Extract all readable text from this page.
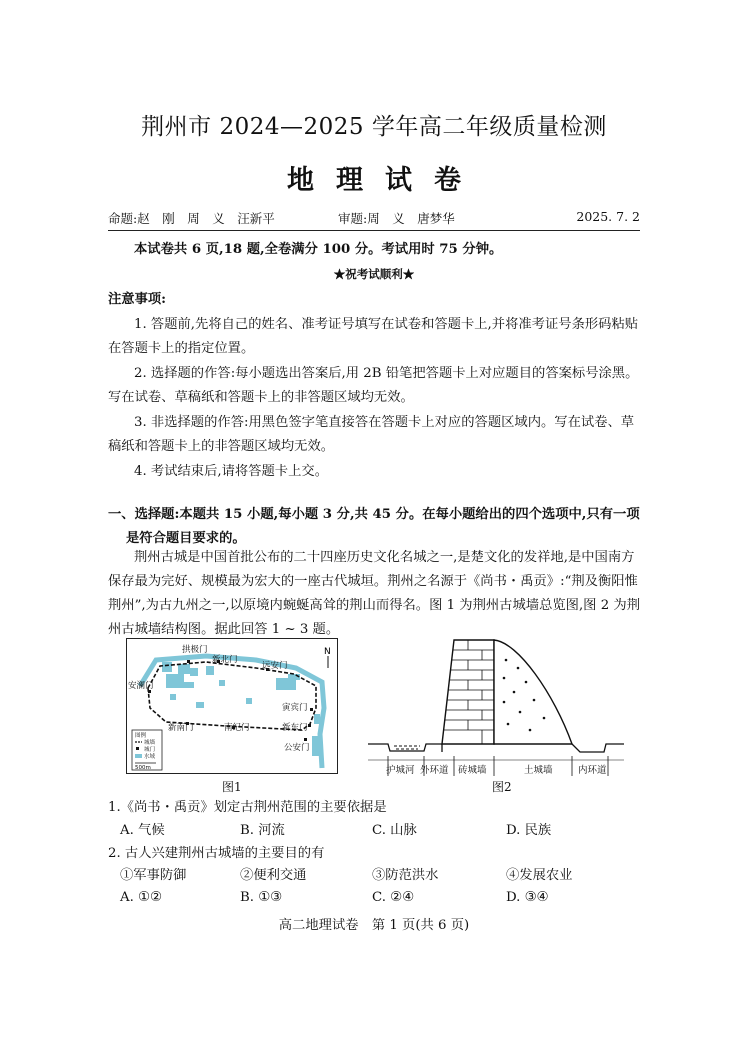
荆州市 2024—2025 学年高二年级质量检测
地理试卷
命题:赵　刚　周　义　汪新平	审题:周　义　唐梦华	2025. 7. 2
本试卷共 6 页,18 题,全卷满分 100 分。考试用时 75 分钟。
★祝考试顺利★
注意事项:
1. 答题前,先将自己的姓名、准考证号填写在试卷和答题卡上,并将准考证号条形码粘贴在答题卡上的指定位置。
2. 选择题的作答:每小题选出答案后,用 2B 铅笔把答题卡上对应题目的答案标号涂黑。写在试卷、草稿纸和答题卡上的非答题区域均无效。
3. 非选择题的作答:用黑色签字笔直接答在答题卡上对应的答题区域内。写在试卷、草稿纸和答题卡上的非答题区域均无效。
4. 考试结束后,请将答题卡上交。
一、选择题:本题共 15 小题,每小题 3 分,共 45 分。在每小题给出的四个选项中,只有一项是符合题目要求的。
荆州古城是中国首批公布的二十四座历史文化名城之一,是楚文化的发祥地,是中国南方保存最为完好、规模最为宏大的一座古代城垣。荆州之名源于《尚书・禹贡》:“荆及衡阳惟荆州”,为古九州之一,以原境内蜿蜒高耸的荆山而得名。图 1 为荆州古城墙总览图,图 2 为荆州古城墙结构图。据此回答 1 ~ 3 题。
拱极门
新北门
远安门
安澜门
寅宾门
新东门
新南门	南纪门
公安门
N
图例
城墙
城门
水域
500m
图1
护城河 外环道 砖城墙	土城墙	内环道
图2
1.《尚书・禹贡》划定古荆州范围的主要依据是
A. 气候	B. 河流	C. 山脉	D. 民族
2. 古人兴建荆州古城墙的主要目的有
①军事防御	②便利交通	③防范洪水	④发展农业
A. ①②	B. ①③	C. ②④	D. ③④
高二地理试卷　第 1 页(共 6 页)
